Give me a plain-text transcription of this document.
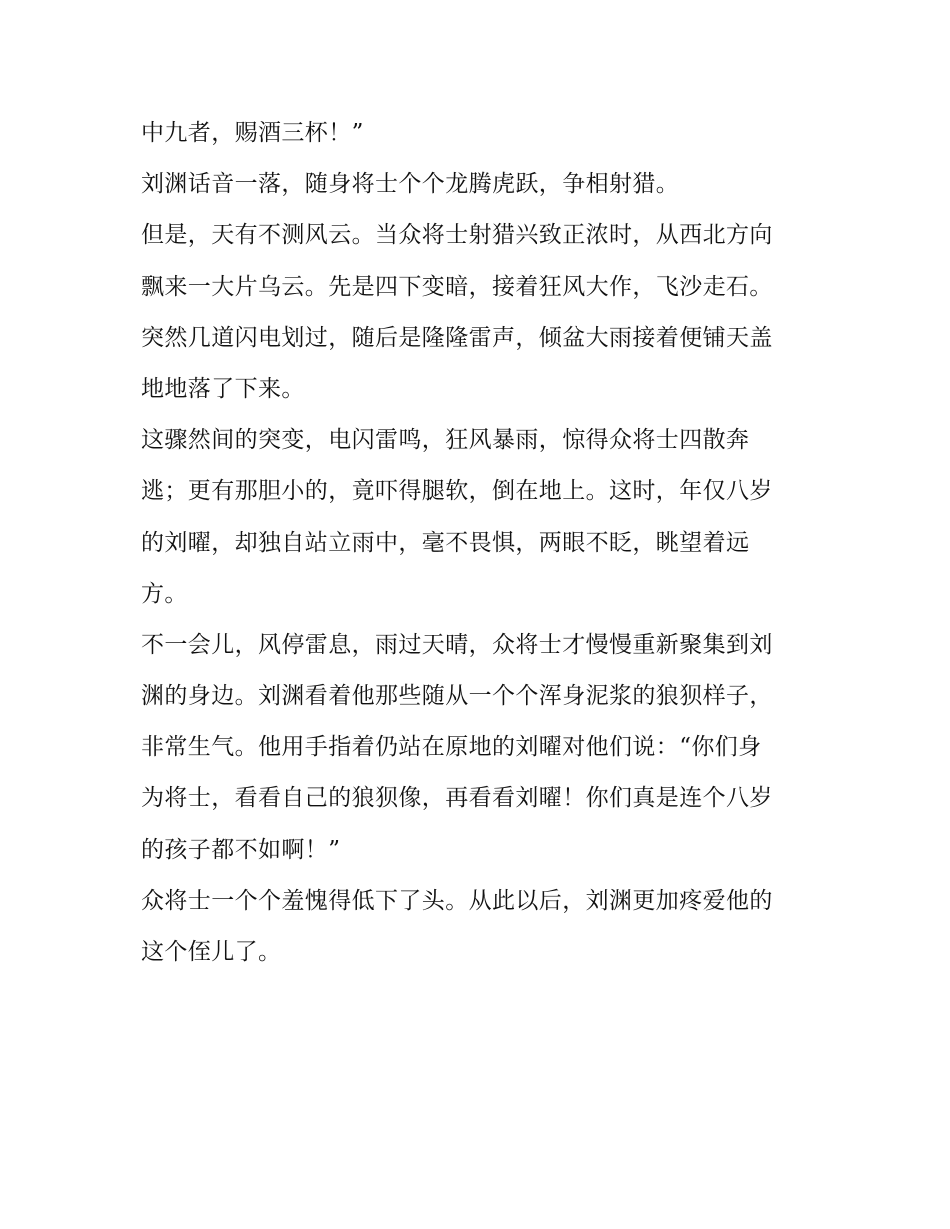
中九者，赐酒三杯！”
刘渊话音一落，随身将士个个龙腾虎跃，争相射猎。
但是，天有不测风云。当众将士射猎兴致正浓时，从西北方向
飘来一大片乌云。先是四下变暗，接着狂风大作，飞沙走石。
突然几道闪电划过，随后是隆隆雷声，倾盆大雨接着便铺天盖
地地落了下来。
这骤然间的突变，电闪雷鸣，狂风暴雨，惊得众将士四散奔
逃；更有那胆小的，竟吓得腿软，倒在地上。这时，年仅八岁
的刘曜，却独自站立雨中，毫不畏惧，两眼不眨，眺望着远
方。
不一会儿，风停雷息，雨过天晴，众将士才慢慢重新聚集到刘
渊的身边。刘渊看着他那些随从一个个浑身泥浆的狼狈样子，
非常生气。他用手指着仍站在原地的刘曜对他们说：“你们身
为将士，看看自己的狼狈像，再看看刘曜！你们真是连个八岁
的孩子都不如啊！”
众将士一个个羞愧得低下了头。从此以后，刘渊更加疼爱他的
这个侄儿了。
